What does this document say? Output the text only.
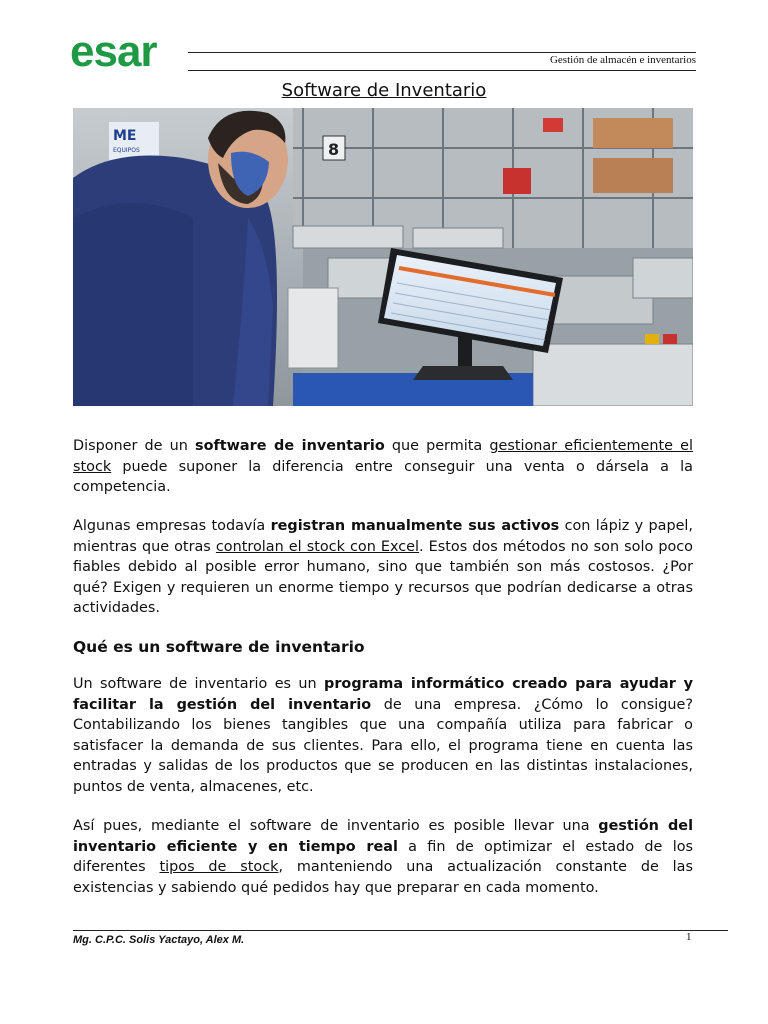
esar	Gestión de almacén e inventarios
Software de Inventario
8
ME
EQUIPOS
Disponer de un software de inventario que permita gestionar eficientemente el stock puede suponer la diferencia entre conseguir una venta o dársela a la competencia.
Algunas empresas todavía registran manualmente sus activos con lápiz y papel, mientras que otras controlan el stock con Excel. Estos dos métodos no son solo poco fiables debido al posible error humano, sino que también son más costosos. ¿Por qué? Exigen y requieren un enorme tiempo y recursos que podrían dedicarse a otras actividades.
Qué es un software de inventario
Un software de inventario es un programa informático creado para ayudar y facilitar la gestión del inventario de una empresa. ¿Cómo lo consigue? Contabilizando los bienes tangibles que una compañía utiliza para fabricar o satisfacer la demanda de sus clientes. Para ello, el programa tiene en cuenta las entradas y salidas de los productos que se producen en las distintas instalaciones, puntos de venta, almacenes, etc.
Así pues, mediante el software de inventario es posible llevar una gestión del inventario eficiente y en tiempo real a fin de optimizar el estado de los diferentes tipos de stock, manteniendo una actualización constante de las existencias y sabiendo qué pedidos hay que preparar en cada momento.
Mg. C.P.C. Solis Yactayo, Alex M.	1
